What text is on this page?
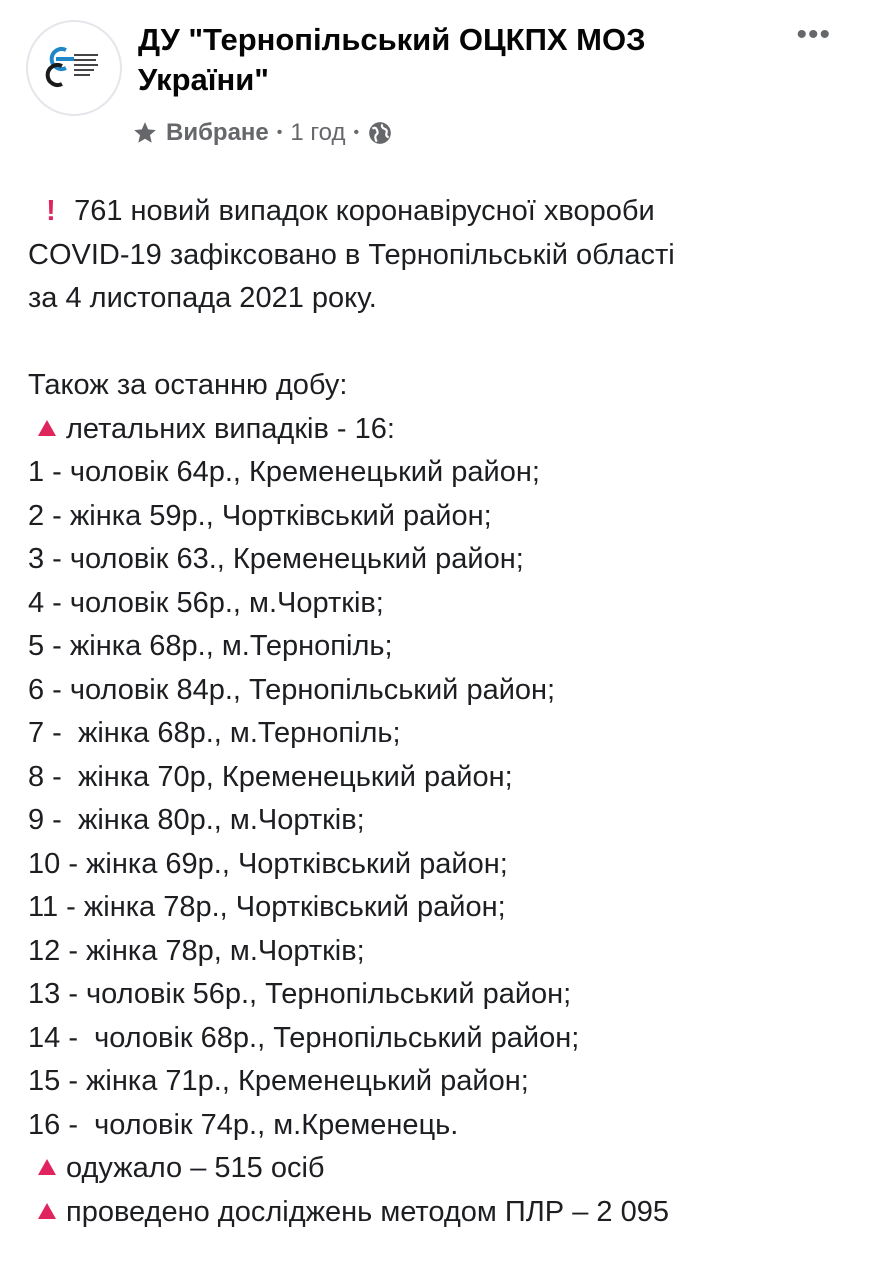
ДУ "Тернопільський ОЦКПХ МОЗ
України"
•••
Вибране • 1 год •
! 761 новий випадок коронавірусної хвороби
COVID-19 зафіксовано в Тернопільській області
за 4 листопада 2021 року.
Також за останню добу:
летальних випадків - 16:
1 - чоловік 64р., Кременецький район;
2 - жінка 59р., Чортківський район;
3 - чоловік 63., Кременецький район;
4 - чоловік 56р., м.Чортків;
5 - жінка 68р., м.Тернопіль;
6 - чоловік 84р., Тернопільський район;
7 -  жінка 68р., м.Тернопіль;
8 -  жінка 70р, Кременецький район;
9 -  жінка 80р., м.Чортків;
10 - жінка 69р., Чортківський район;
11 - жінка 78р., Чортківський район;
12 - жінка 78р, м.Чортків;
13 - чоловік 56р., Тернопільський район;
14 -  чоловік 68р., Тернопільський район;
15 - жінка 71р., Кременецький район;
16 -  чоловік 74р., м.Кременець.
одужало – 515 осіб
проведено досліджень методом ПЛР – 2 095
